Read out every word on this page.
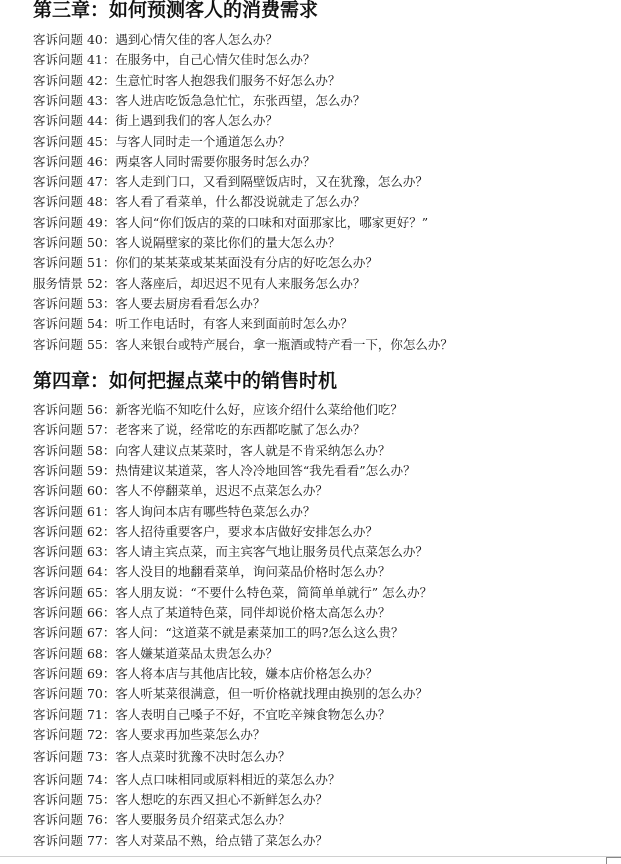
第三章：如何预测客人的消费需求
客诉问题 40：遇到心情欠佳的客人怎么办？
客诉问题 41：在服务中，自己心情欠佳时怎么办？
客诉问题 42：生意忙时客人抱怨我们服务不好怎么办？
客诉问题 43：客人进店吃饭急急忙忙，东张西望，怎么办？
客诉问题 44：街上遇到我们的客人怎么办？
客诉问题 45：与客人同时走一个通道怎么办？
客诉问题 46：两桌客人同时需要你服务时怎么办？
客诉问题 47：客人走到门口，又看到隔壁饭店时，又在犹豫，怎么办？
客诉问题 48：客人看了看菜单，什么都没说就走了怎么办？
客诉问题 49：客人问“你们饭店的菜的口味和对面那家比，哪家更好？”
客诉问题 50：客人说隔壁家的菜比你们的量大怎么办？
客诉问题 51：你们的某某菜或某某面没有分店的好吃怎么办？
服务情景 52：客人落座后，却迟迟不见有人来服务怎么办？
客诉问题 53：客人要去厨房看看怎么办？
客诉问题 54：听工作电话时，有客人来到面前时怎么办？
客诉问题 55：客人来银台或特产展台，拿一瓶酒或特产看一下，你怎么办？
第四章：如何把握点菜中的销售时机
客诉问题 56：新客光临不知吃什么好，应该介绍什么菜给他们吃？
客诉问题 57：老客来了说，经常吃的东西都吃腻了怎么办？
客诉问题 58：向客人建议点某菜时，客人就是不肯采纳怎么办？
客诉问题 59：热情建议某道菜，客人冷冷地回答“我先看看”怎么办？
客诉问题 60：客人不停翻菜单，迟迟不点菜怎么办？
客诉问题 61：客人询问本店有哪些特色菜怎么办？
客诉问题 62：客人招待重要客户，要求本店做好安排怎么办？
客诉问题 63：客人请主宾点菜，而主宾客气地让服务员代点菜怎么办？
客诉问题 64：客人没目的地翻看菜单，询问菜品价格时怎么办？
客诉问题 65：客人朋友说：“不要什么特色菜，简简单单就行” 怎么办？
客诉问题 66：客人点了某道特色菜，同伴却说价格太高怎么办？
客诉问题 67：客人问：“这道菜不就是素菜加工的吗?怎么这么贵？
客诉问题 68：客人嫌某道菜品太贵怎么办？
客诉问题 69：客人将本店与其他店比较，嫌本店价格怎么办？
客诉问题 70：客人听某菜很满意，但一听价格就找理由换别的怎么办？
客诉问题 71：客人表明自己嗓子不好，不宜吃辛辣食物怎么办？
客诉问题 72：客人要求再加些菜怎么办？
客诉问题 73：客人点菜时犹豫不决时怎么办？
客诉问题 74：客人点口味相同或原料相近的菜怎么办？
客诉问题 75：客人想吃的东西又担心不新鲜怎么办？
客诉问题 76：客人要服务员介绍菜式怎么办？
客诉问题 77：客人对菜品不熟，给点错了菜怎么办？
